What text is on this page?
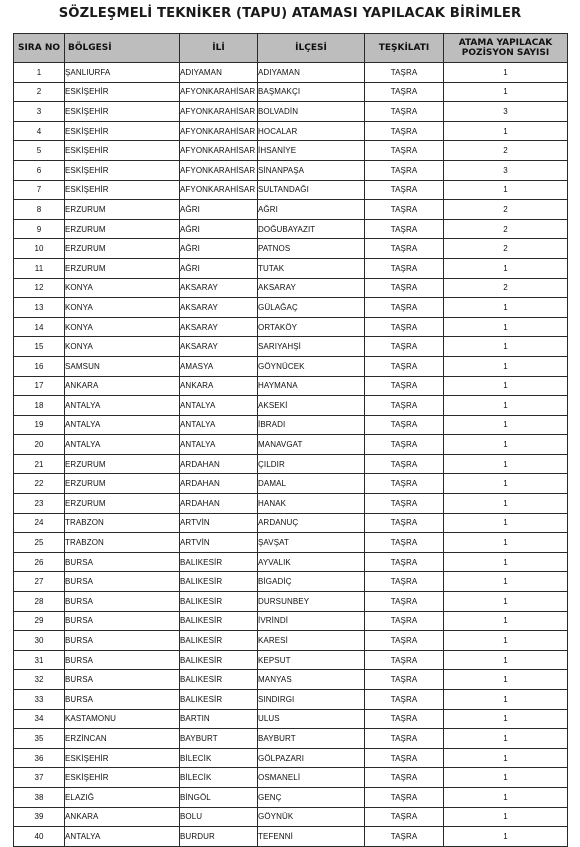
SÖZLEŞMELİ TEKNİKER (TAPU) ATAMASI YAPILACAK BİRİMLER
SIRA NO	BÖLGESİ	İLİ	İLÇESİ	TEŞKİLATI	ATAMA YAPILACAK
POZİSYON SAYISI
1	ŞANLIURFA	ADIYAMAN	ADIYAMAN	TAŞRA	1
2	ESKİŞEHİR	AFYONKARAHİSAR	BAŞMAKÇI	TAŞRA	1
3	ESKİŞEHİR	AFYONKARAHİSAR	BOLVADİN	TAŞRA	3
4	ESKİŞEHİR	AFYONKARAHİSAR	HOCALAR	TAŞRA	1
5	ESKİŞEHİR	AFYONKARAHİSAR	İHSANİYE	TAŞRA	2
6	ESKİŞEHİR	AFYONKARAHİSAR	SİNANPAŞA	TAŞRA	3
7	ESKİŞEHİR	AFYONKARAHİSAR	SULTANDAĞI	TAŞRA	1
8	ERZURUM	AĞRI	AĞRI	TAŞRA	2
9	ERZURUM	AĞRI	DOĞUBAYAZIT	TAŞRA	2
10	ERZURUM	AĞRI	PATNOS	TAŞRA	2
11	ERZURUM	AĞRI	TUTAK	TAŞRA	1
12	KONYA	AKSARAY	AKSARAY	TAŞRA	2
13	KONYA	AKSARAY	GÜLAĞAÇ	TAŞRA	1
14	KONYA	AKSARAY	ORTAKÖY	TAŞRA	1
15	KONYA	AKSARAY	SARIYAHŞİ	TAŞRA	1
16	SAMSUN	AMASYA	GÖYNÜCEK	TAŞRA	1
17	ANKARA	ANKARA	HAYMANA	TAŞRA	1
18	ANTALYA	ANTALYA	AKSEKİ	TAŞRA	1
19	ANTALYA	ANTALYA	İBRADI	TAŞRA	1
20	ANTALYA	ANTALYA	MANAVGAT	TAŞRA	1
21	ERZURUM	ARDAHAN	ÇILDIR	TAŞRA	1
22	ERZURUM	ARDAHAN	DAMAL	TAŞRA	1
23	ERZURUM	ARDAHAN	HANAK	TAŞRA	1
24	TRABZON	ARTVİN	ARDANUÇ	TAŞRA	1
25	TRABZON	ARTVİN	ŞAVŞAT	TAŞRA	1
26	BURSA	BALIKESİR	AYVALIK	TAŞRA	1
27	BURSA	BALIKESİR	BİGADİÇ	TAŞRA	1
28	BURSA	BALIKESİR	DURSUNBEY	TAŞRA	1
29	BURSA	BALIKESİR	İVRİNDİ	TAŞRA	1
30	BURSA	BALIKESİR	KARESİ	TAŞRA	1
31	BURSA	BALIKESİR	KEPSUT	TAŞRA	1
32	BURSA	BALIKESİR	MANYAS	TAŞRA	1
33	BURSA	BALIKESİR	SINDIRGI	TAŞRA	1
34	KASTAMONU	BARTIN	ULUS	TAŞRA	1
35	ERZİNCAN	BAYBURT	BAYBURT	TAŞRA	1
36	ESKİŞEHİR	BİLECİK	GÖLPAZARI	TAŞRA	1
37	ESKİŞEHİR	BİLECİK	OSMANELİ	TAŞRA	1
38	ELAZIĞ	BİNGÖL	GENÇ	TAŞRA	1
39	ANKARA	BOLU	GÖYNÜK	TAŞRA	1
40	ANTALYA	BURDUR	TEFENNİ	TAŞRA	1
